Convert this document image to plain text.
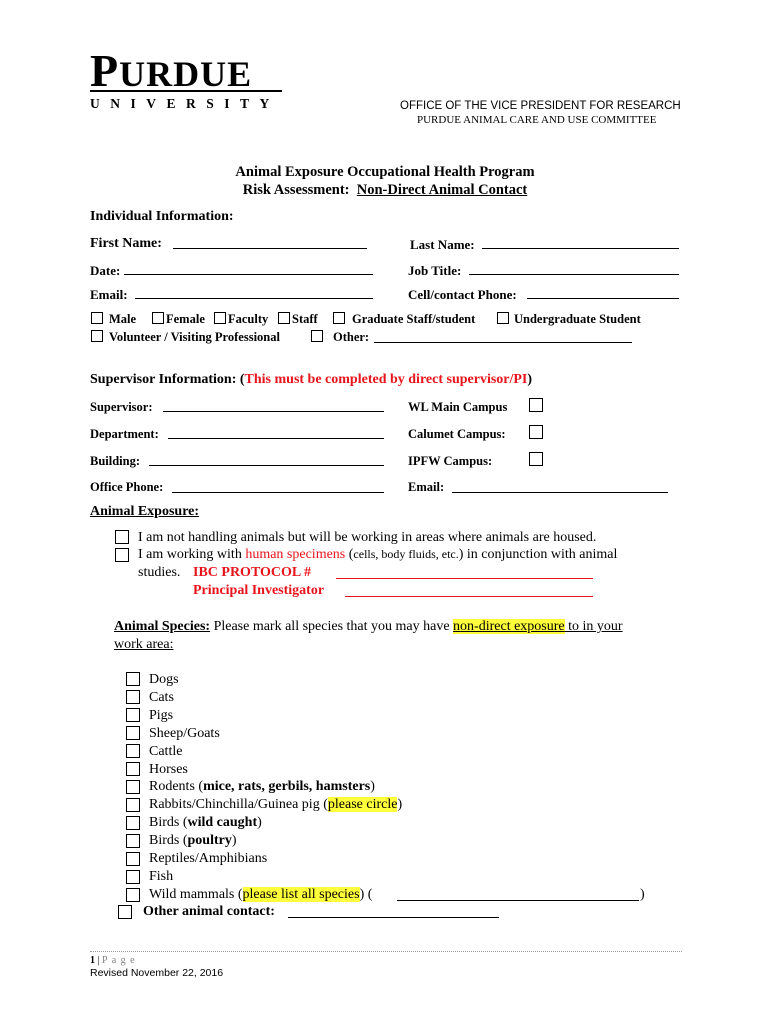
PURDUE
UNIVERSITY	OFFICE OF THE VICE PRESIDENT FOR RESEARCH
PURDUE ANIMAL CARE AND USE COMMITTEE
Animal Exposure Occupational Health Program
Risk Assessment:  Non-Direct Animal Contact
Individual Information:
First Name:	Last Name:
Date:	Job Title:
Email:	Cell/contact Phone:
Male Female Faculty Staff	Graduate Staff/student	Undergraduate Student
Volunteer / Visiting Professional	Other:
Supervisor Information: (This must be completed by direct supervisor/PI)
Supervisor:	WL Main Campus
Department:	Calumet Campus:
Building:	IPFW Campus:
Office Phone:	Email:
Animal Exposure:
I am not handling animals but will be working in areas where animals are housed.
I am working with human specimens (cells, body fluids, etc.) in conjunction with animal
studies. IBC PROTOCOL #
Principal Investigator
Animal Species: Please mark all species that you may have non-direct exposure to in your
work area:
Dogs
Cats
Pigs
Sheep/Goats
Cattle
Horses
Rodents (mice, rats, gerbils, hamsters)
Rabbits/Chinchilla/Guinea pig (please circle)
Birds (wild caught)
Birds (poultry)
Reptiles/Amphibians
Fish
Wild mammals (please list all species) (	)
Other animal contact:
1 | P a g e
Revised November 22, 2016
